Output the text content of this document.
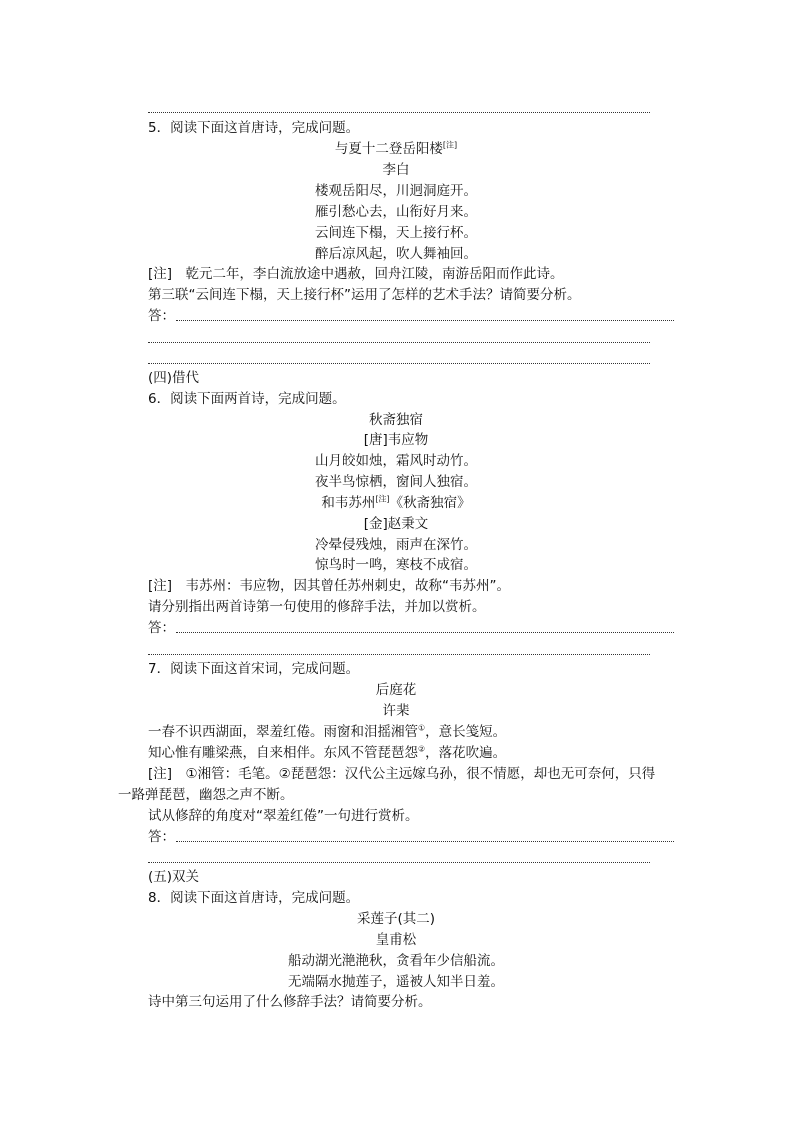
5．阅读下面这首唐诗，完成问题。
与夏十二登岳阳楼[注]
李白
楼观岳阳尽，川迥洞庭开。
雁引愁心去，山衔好月来。
云间连下榻，天上接行杯。
醉后凉风起，吹人舞袖回。
[注]　乾元二年，李白流放途中遇赦，回舟江陵，南游岳阳而作此诗。
第三联“云间连下榻，天上接行杯”运用了怎样的艺术手法？请简要分析。
答：
(四)借代
6．阅读下面两首诗，完成问题。
秋斋独宿
[唐]韦应物
山月皎如烛，霜风时动竹。
夜半鸟惊栖，窗间人独宿。
和韦苏州[注]《秋斋独宿》
[金]赵秉文
冷晕侵残烛，雨声在深竹。
惊鸟时一鸣，寒枝不成宿。
[注]　韦苏州：韦应物，因其曾任苏州刺史，故称“韦苏州”。
请分别指出两首诗第一句使用的修辞手法，并加以赏析。
答：
7．阅读下面这首宋词，完成问题。
后庭花
许棐
一春不识西湖面，翠羞红倦。雨窗和泪摇湘管①，意长笺短。
知心惟有雕梁燕，自来相伴。东风不管琵琶怨②，落花吹遍。
[注]　①湘管：毛笔。②琵琶怨：汉代公主远嫁乌孙，很不情愿，却也无可奈何，只得
一路弹琵琶，幽怨之声不断。
试从修辞的角度对“翠羞红倦”一句进行赏析。
答：
(五)双关
8．阅读下面这首唐诗，完成问题。
采莲子(其二)
皇甫松
船动湖光滟滟秋，贪看年少信船流。
无端隔水抛莲子，遥被人知半日羞。
诗中第三句运用了什么修辞手法？请简要分析。
